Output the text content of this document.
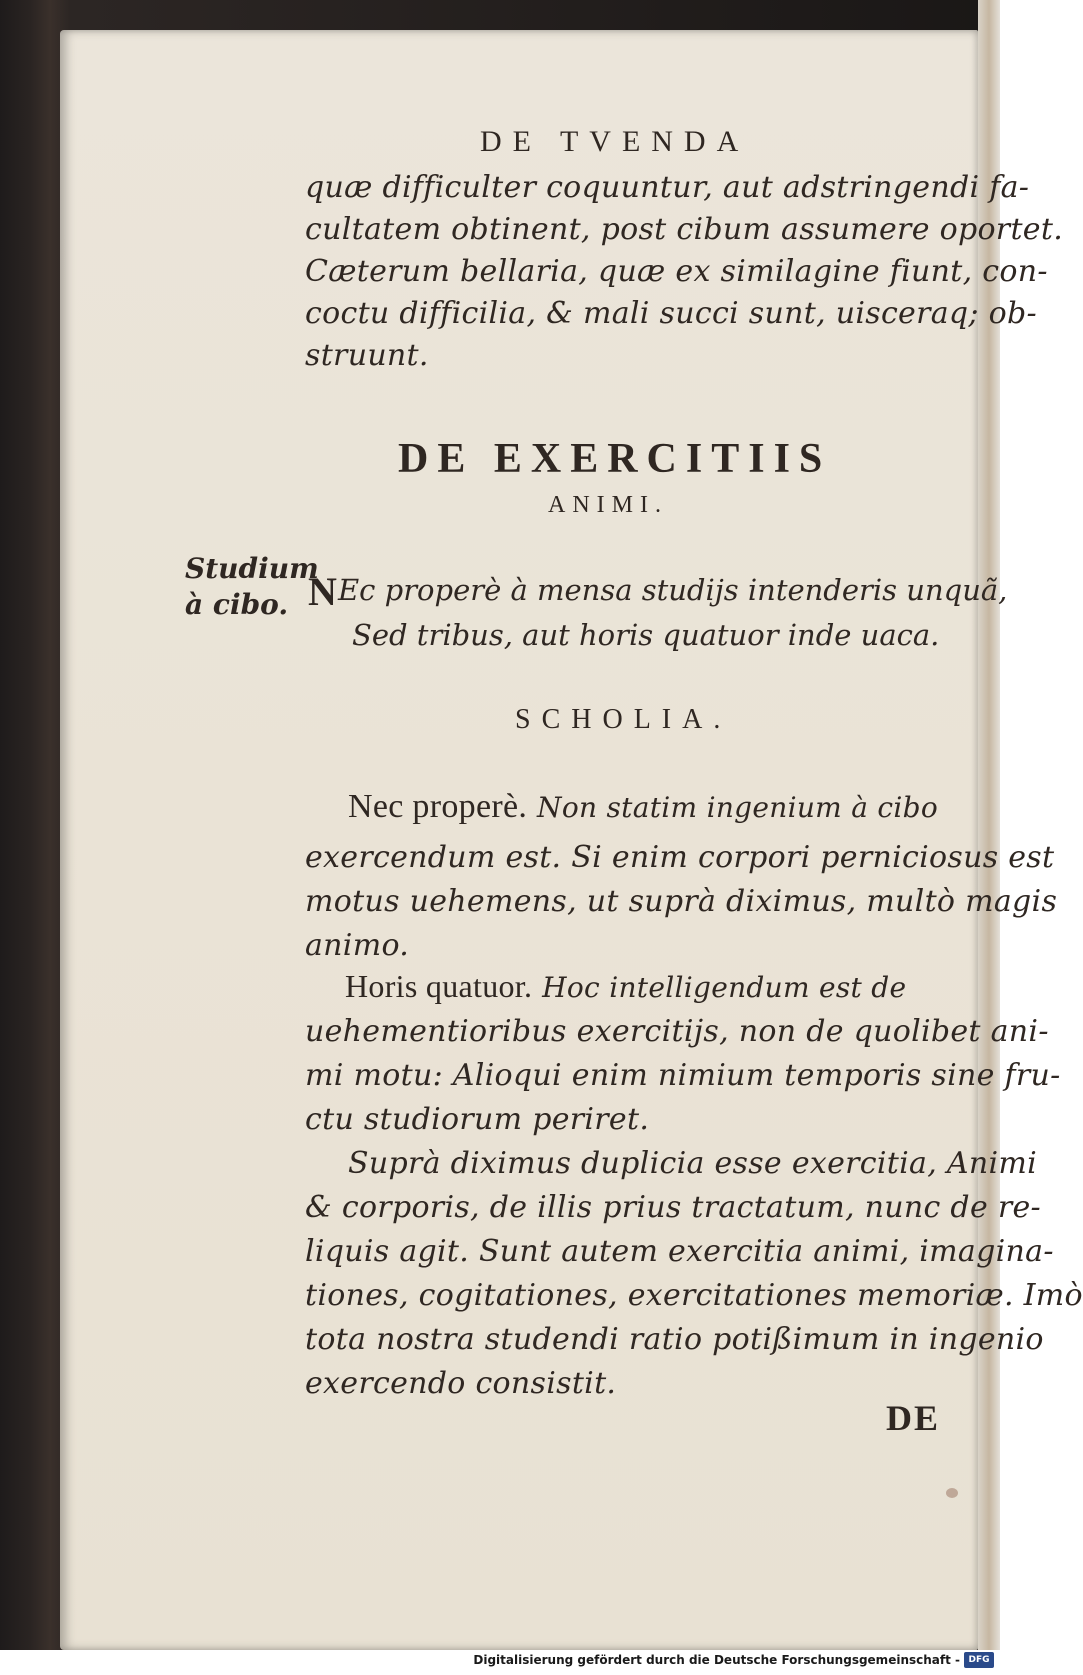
DE TVENDA
quæ difficulter coquuntur, aut adstringendi fa-
cultatem obtinent, post cibum assumere oportet.
Cæterum bellaria, quæ ex similagine fiunt, con-
coctu difficilia, & mali succi sunt, uisceraq; ob-
struunt.
DE EXERCITIIS
ANIMI.
Studium
à cibo. N Ec properè à mensa studijs intenderis unquã,
Sed tribus, aut horis quatuor inde uaca.
SCHOLIA.
Nec properè. Non statim ingenium à cibo
exercendum est. Si enim corpori perniciosus est
motus uehemens, ut suprà diximus, multò magis
animo.
Horis quatuor. Hoc intelligendum est de
uehementioribus exercitijs, non de quolibet ani-
mi motu: Alioqui enim nimium temporis sine fru-
ctu studiorum periret.
Suprà diximus duplicia esse exercitia, Animi
& corporis, de illis prius tractatum, nunc de re-
liquis agit. Sunt autem exercitia animi, imagina-
tiones, cogitationes, exercitationes memoriæ. Imò
tota nostra studendi ratio potißimum in ingenio
exercendo consistit.
DE
Digitalisierung gefördert durch die Deutsche Forschungsgemeinschaft - DFG
